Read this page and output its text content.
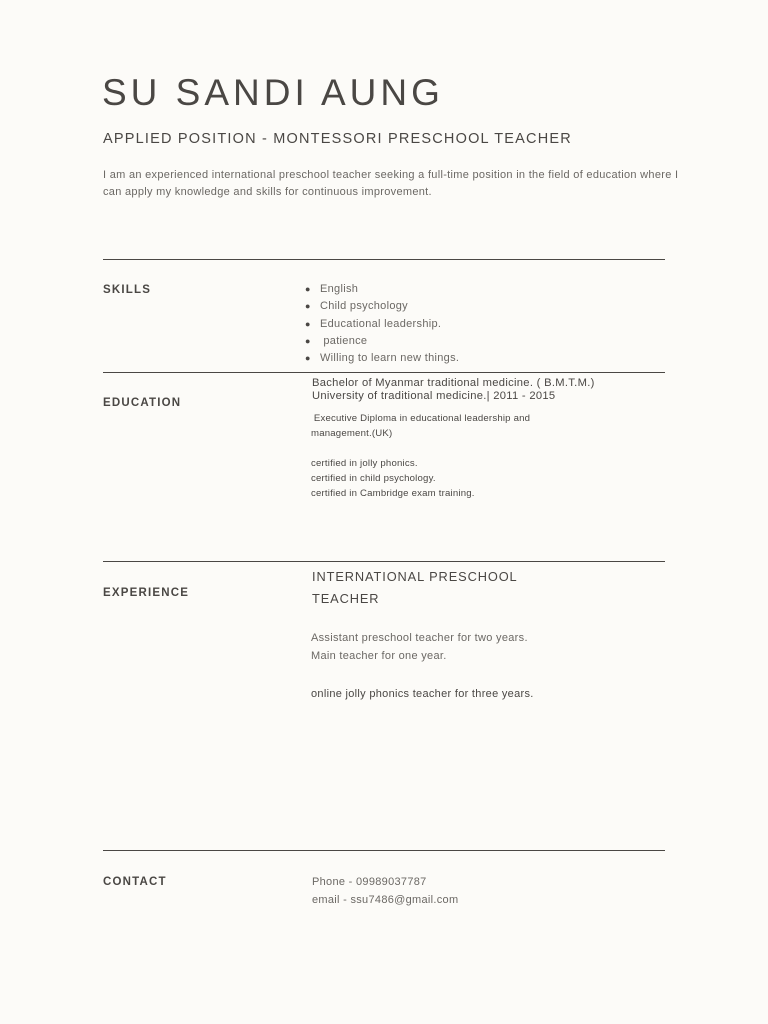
SU SANDI AUNG
APPLIED POSITION - MONTESSORI PRESCHOOL TEACHER
I am an experienced international preschool teacher seeking a full-time position in the field of education where I can apply my knowledge and skills for continuous improvement.
SKILLS	● English
● Child psychology
● Educational leadership.
● patience
● Willing to learn new things.
EDUCATION
Bachelor of Myanmar traditional medicine. ( B.M.T.M.)
University of traditional medicine.| 2011 - 2015
Executive Diploma in educational leadership and
management.(UK)
certified in jolly phonics.
certified in child psychology.
certified in Cambridge exam training.
EXPERIENCE
INTERNATIONAL PRESCHOOL TEACHER
Assistant preschool teacher for two years.
Main teacher for one year.
online jolly phonics teacher for three years.
CONTACT	Phone - 09989037787
email - ssu7486@gmail.com
